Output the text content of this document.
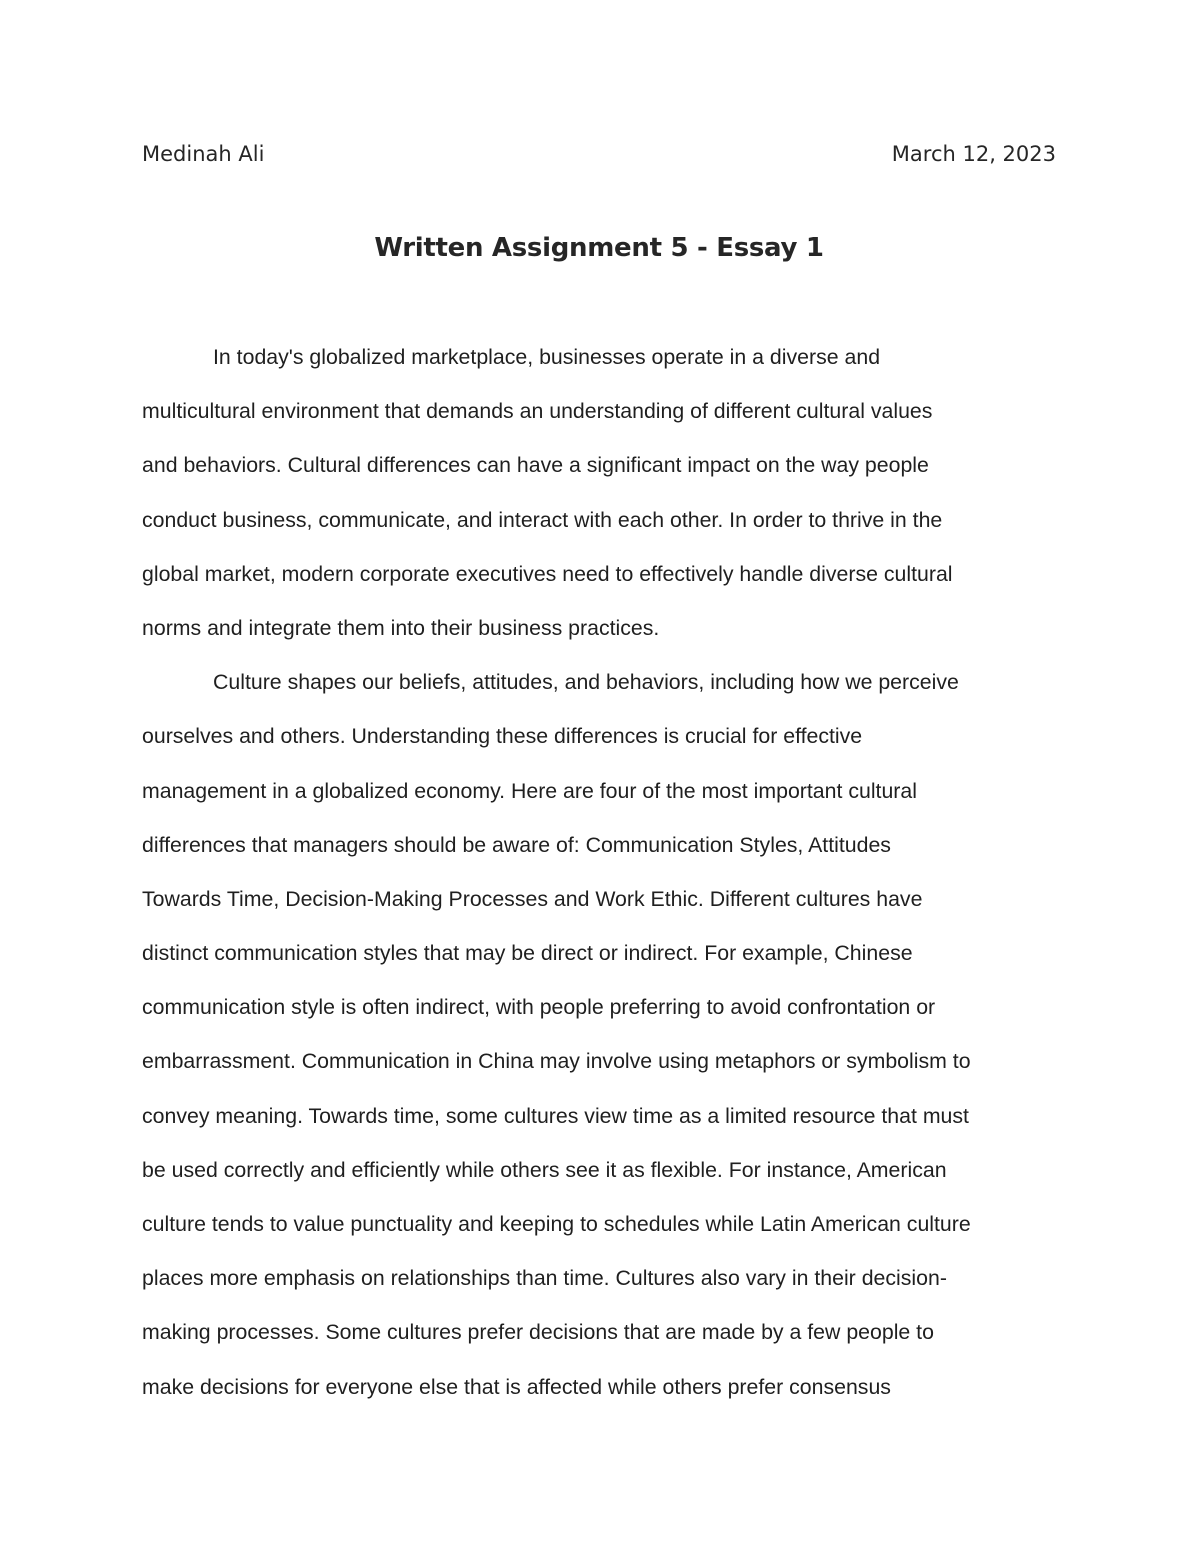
Medinah Ali	March 12, 2023
Written Assignment 5 - Essay 1
In today's globalized marketplace, businesses operate in a diverse and
multicultural environment that demands an understanding of different cultural values
and behaviors. Cultural differences can have a significant impact on the way people
conduct business, communicate, and interact with each other. In order to thrive in the
global market, modern corporate executives need to effectively handle diverse cultural
norms and integrate them into their business practices.
Culture shapes our beliefs, attitudes, and behaviors, including how we perceive
ourselves and others. Understanding these differences is crucial for effective
management in a globalized economy. Here are four of the most important cultural
differences that managers should be aware of: Communication Styles, Attitudes
Towards Time, Decision-Making Processes and Work Ethic. Different cultures have
distinct communication styles that may be direct or indirect. For example, Chinese
communication style is often indirect, with people preferring to avoid confrontation or
embarrassment. Communication in China may involve using metaphors or symbolism to
convey meaning. Towards time, some cultures view time as a limited resource that must
be used correctly and efficiently while others see it as flexible. For instance, American
culture tends to value punctuality and keeping to schedules while Latin American culture
places more emphasis on relationships than time. Cultures also vary in their decision-
making processes. Some cultures prefer decisions that are made by a few people to
make decisions for everyone else that is affected while others prefer consensus
